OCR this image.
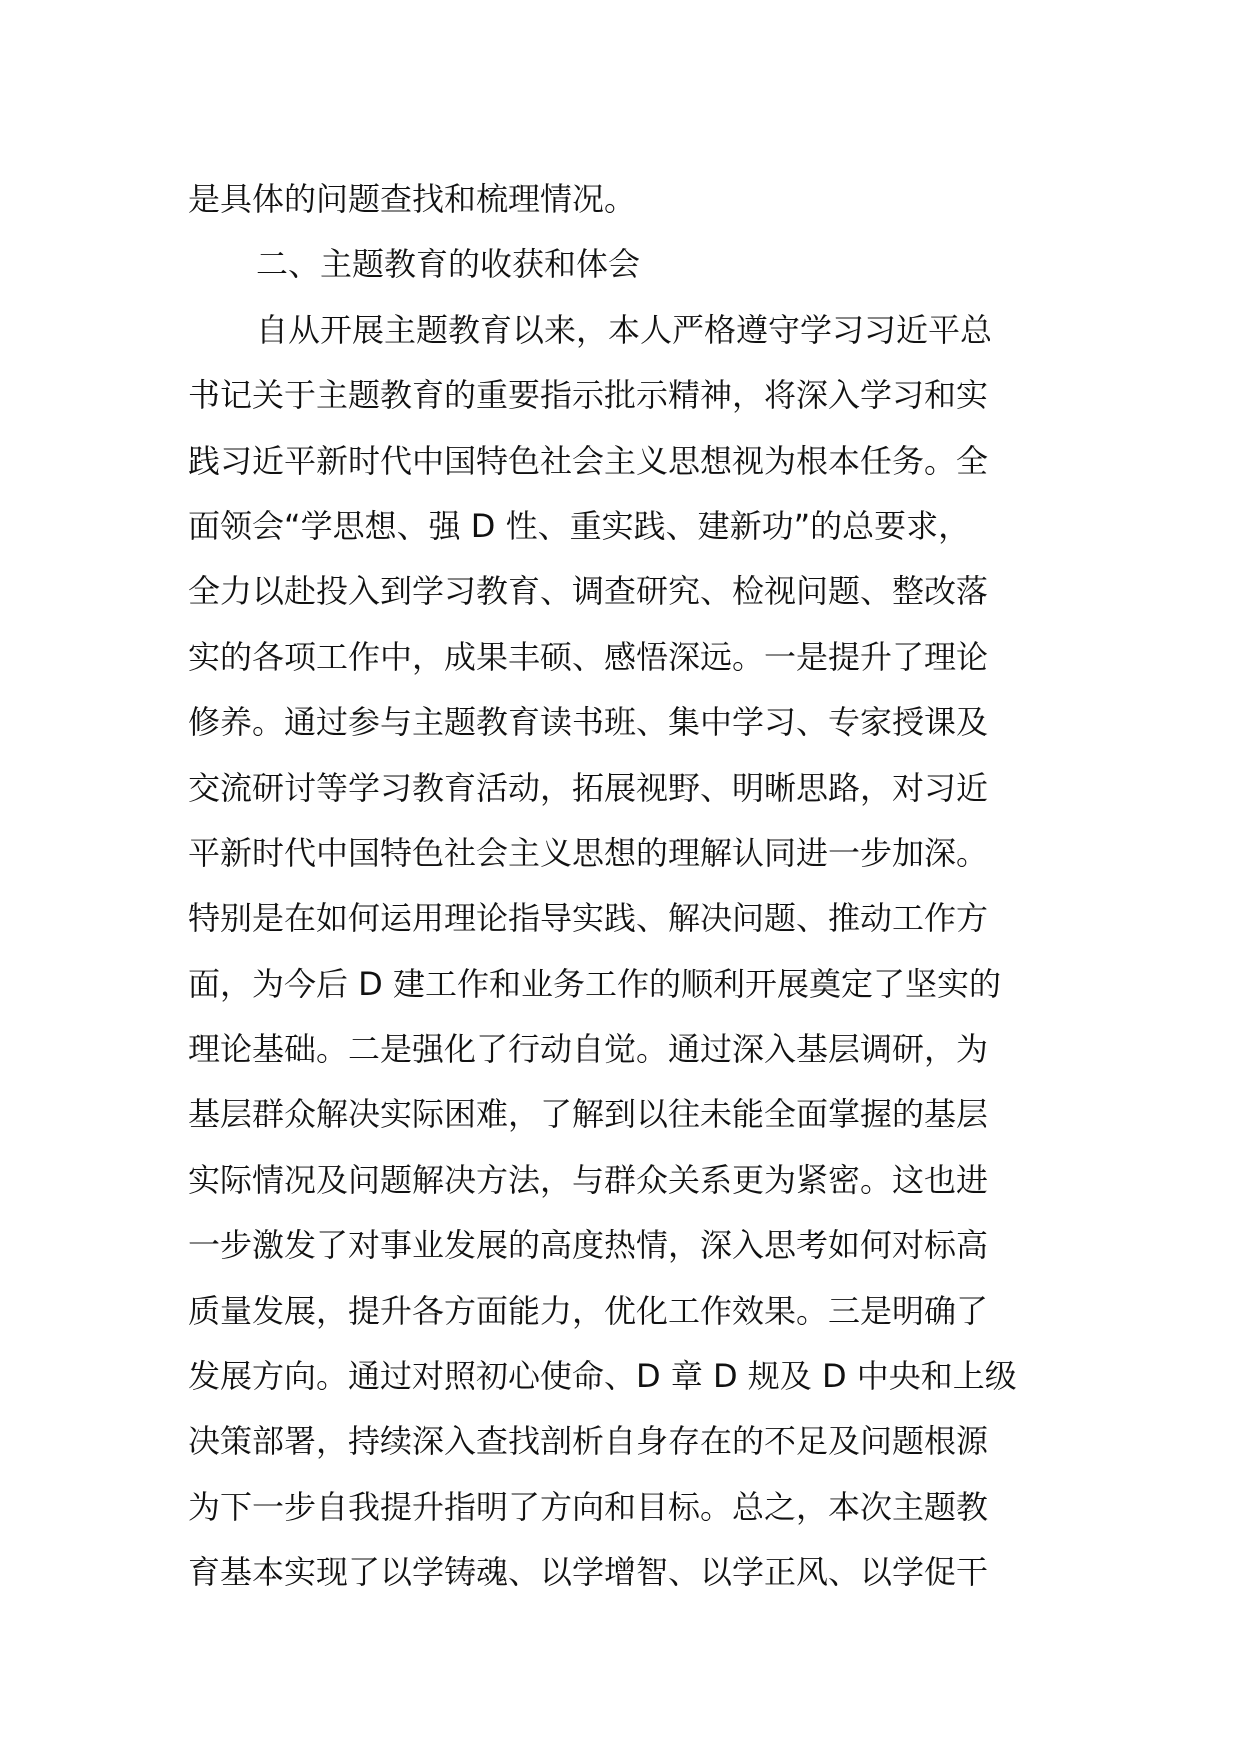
是具体的问题查找和梳理情况。
二、主题教育的收获和体会
自从开展主题教育以来，本人严格遵守学习习近平总
书记关于主题教育的重要指示批示精神，将深入学习和实
践习近平新时代中国特色社会主义思想视为根本任务。全
面领会“学思想、强 D 性、重实践、建新功”的总要求，
全力以赴投入到学习教育、调查研究、检视问题、整改落
实的各项工作中，成果丰硕、感悟深远。一是提升了理论
修养。通过参与主题教育读书班、集中学习、专家授课及
交流研讨等学习教育活动，拓展视野、明晰思路，对习近
平新时代中国特色社会主义思想的理解认同进一步加深。
特别是在如何运用理论指导实践、解决问题、推动工作方
面，为今后 D 建工作和业务工作的顺利开展奠定了坚实的
理论基础。二是强化了行动自觉。通过深入基层调研，为
基层群众解决实际困难，了解到以往未能全面掌握的基层
实际情况及问题解决方法，与群众关系更为紧密。这也进
一步激发了对事业发展的高度热情，深入思考如何对标高
质量发展，提升各方面能力，优化工作效果。三是明确了
发展方向。通过对照初心使命、D 章 D 规及 D 中央和上级
决策部署，持续深入查找剖析自身存在的不足及问题根源
为下一步自我提升指明了方向和目标。总之，本次主题教
育基本实现了以学铸魂、以学增智、以学正风、以学促干
